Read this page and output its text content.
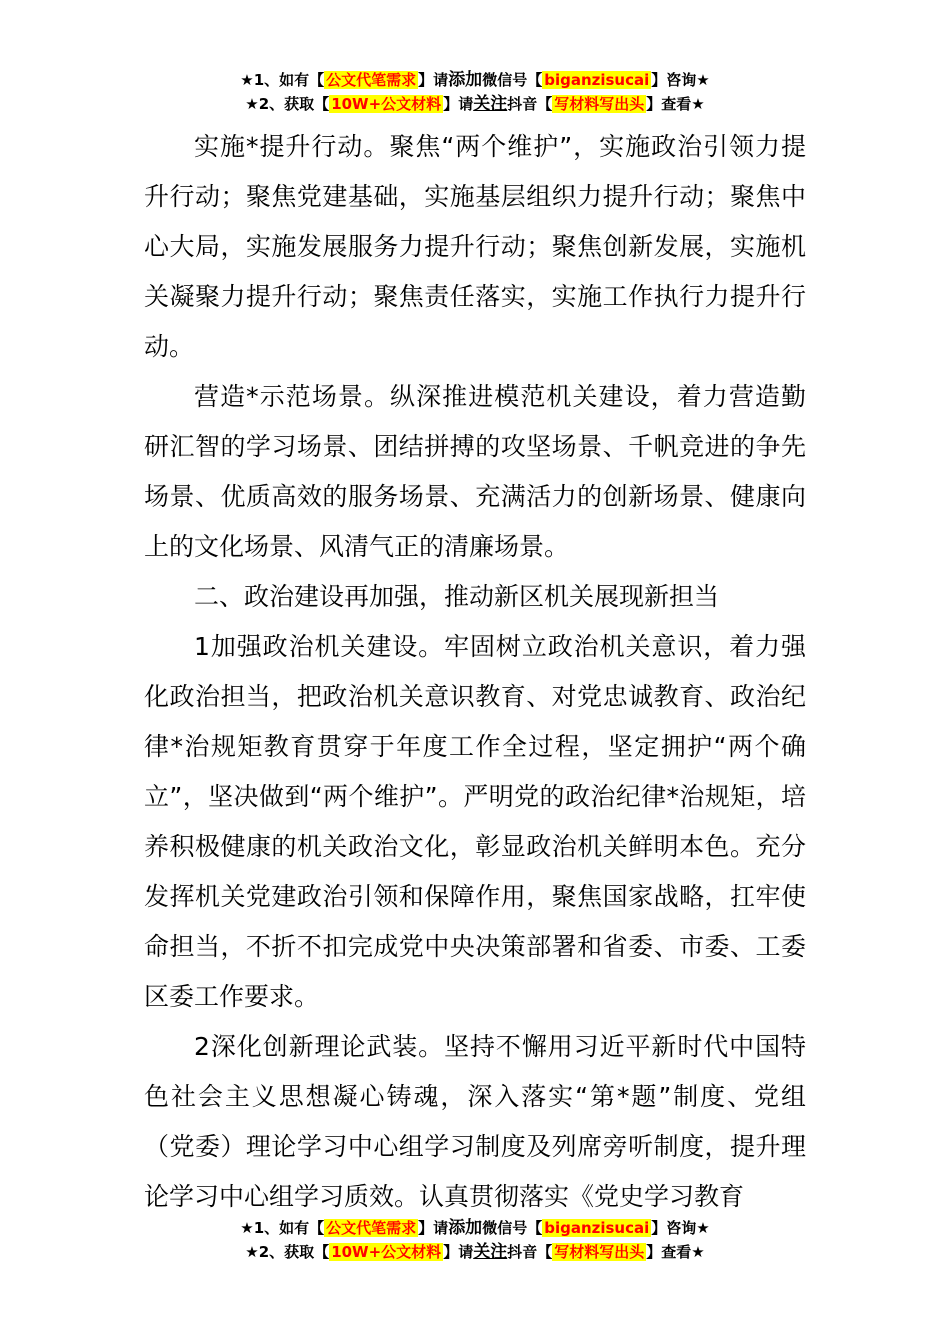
★1、如有【 公文代笔需求 】请添加微信号【 biganzisucai 】咨询★
★2、获取【 10W+公文材料 】请关注抖音【 写材料写出头 】查看★

实施*提升行动。聚焦“两个维护”，实施政治引领力提升行动；聚焦党建基础，实施基层组织力提升行动；聚焦中心大局，实施发展服务力提升行动；聚焦创新发展，实施机关凝聚力提升行动；聚焦责任落实，实施工作执行力提升行动。

营造*示范场景。纵深推进模范机关建设，着力营造勤研汇智的学习场景、团结拼搏的攻坚场景、千帆竞进的争先场景、优质高效的服务场景、充满活力的创新场景、健康向上的文化场景、风清气正的清廉场景。

二、政治建设再加强，推动新区机关展现新担当

1加强政治机关建设。牢固树立政治机关意识，着力强化政治担当，把政治机关意识教育、对党忠诚教育、政治纪律*治规矩教育贯穿于年度工作全过程，坚定拥护“两个确立”，坚决做到“两个维护”。严明党的政治纪律*治规矩，培养积极健康的机关政治文化，彰显政治机关鲜明本色。充分发挥机关党建政治引领和保障作用，聚焦国家战略，扛牢使命担当，不折不扣完成党中央决策部署和省委、市委、工委区委工作要求。

2深化创新理论武装。坚持不懈用习近平新时代中国特色社会主义思想凝心铸魂，深入落实“第*题”制度、党组（党委）理论学习中心组学习制度及列席旁听制度，提升理论学习中心组学习质效。认真贯彻落实《党史学习教育

★1、如有【 公文代笔需求 】请添加微信号【 biganzisucai 】咨询★
★2、获取【 10W+公文材料 】请关注抖音【 写材料写出头 】查看★
